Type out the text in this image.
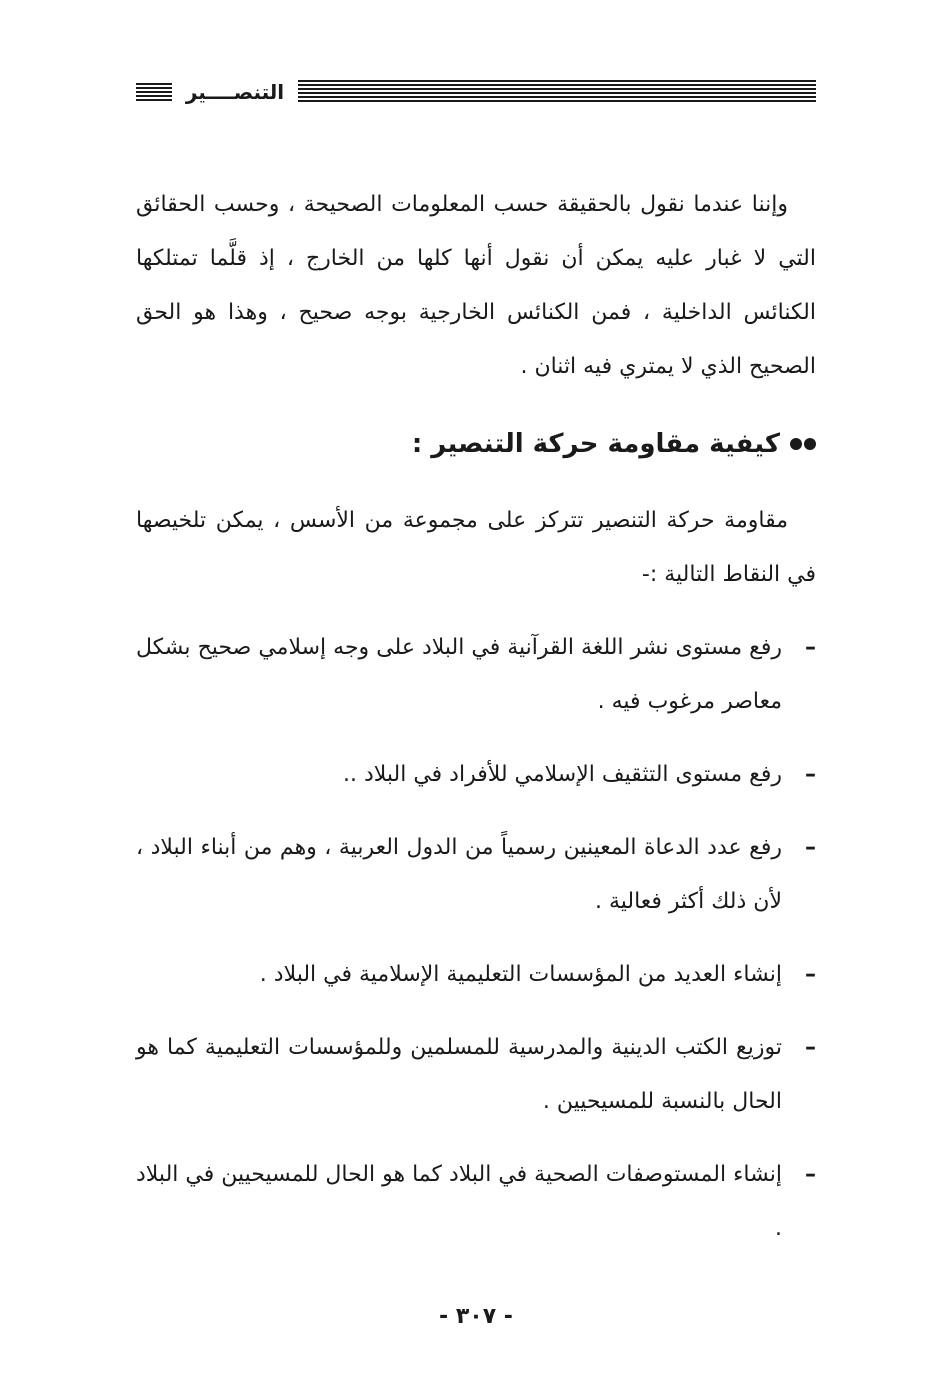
التنصــــير

وإننا عندما نقول بالحقيقة حسب المعلومات الصحيحة ، وحسب الحقائق التي لا غبار عليه يمكن أن نقول أنها كلها من الخارج ، إذ قلَّما تمتلكها الكنائس الداخلية ، فمن الكنائس الخارجية بوجه صحيح ، وهذا هو الحق الصحيح الذي لا يمتري فيه اثنان .

كيفية مقاومة حركة التنصير :

مقاومة حركة التنصير تتركز على مجموعة من الأسس ، يمكن تلخيصها في النقاط التالية :-

–
رفع مستوى نشر اللغة القرآنية في البلاد على وجه إسلامي صحيح بشكل معاصر مرغوب فيه .
–
رفع مستوى التثقيف الإسلامي للأفراد في البلاد ..
–
رفع عدد الدعاة المعينين رسمياً من الدول العربية ، وهم من أبناء البلاد ، لأن ذلك أكثر فعالية .
–
إنشاء العديد من المؤسسات التعليمية الإسلامية في البلاد .
–
توزيع الكتب الدينية والمدرسية للمسلمين وللمؤسسات التعليمية كما هو الحال بالنسبة للمسيحيين .
–
إنشاء المستوصفات الصحية في البلاد كما هو الحال للمسيحيين في البلاد .
- ٣٠٧ -
